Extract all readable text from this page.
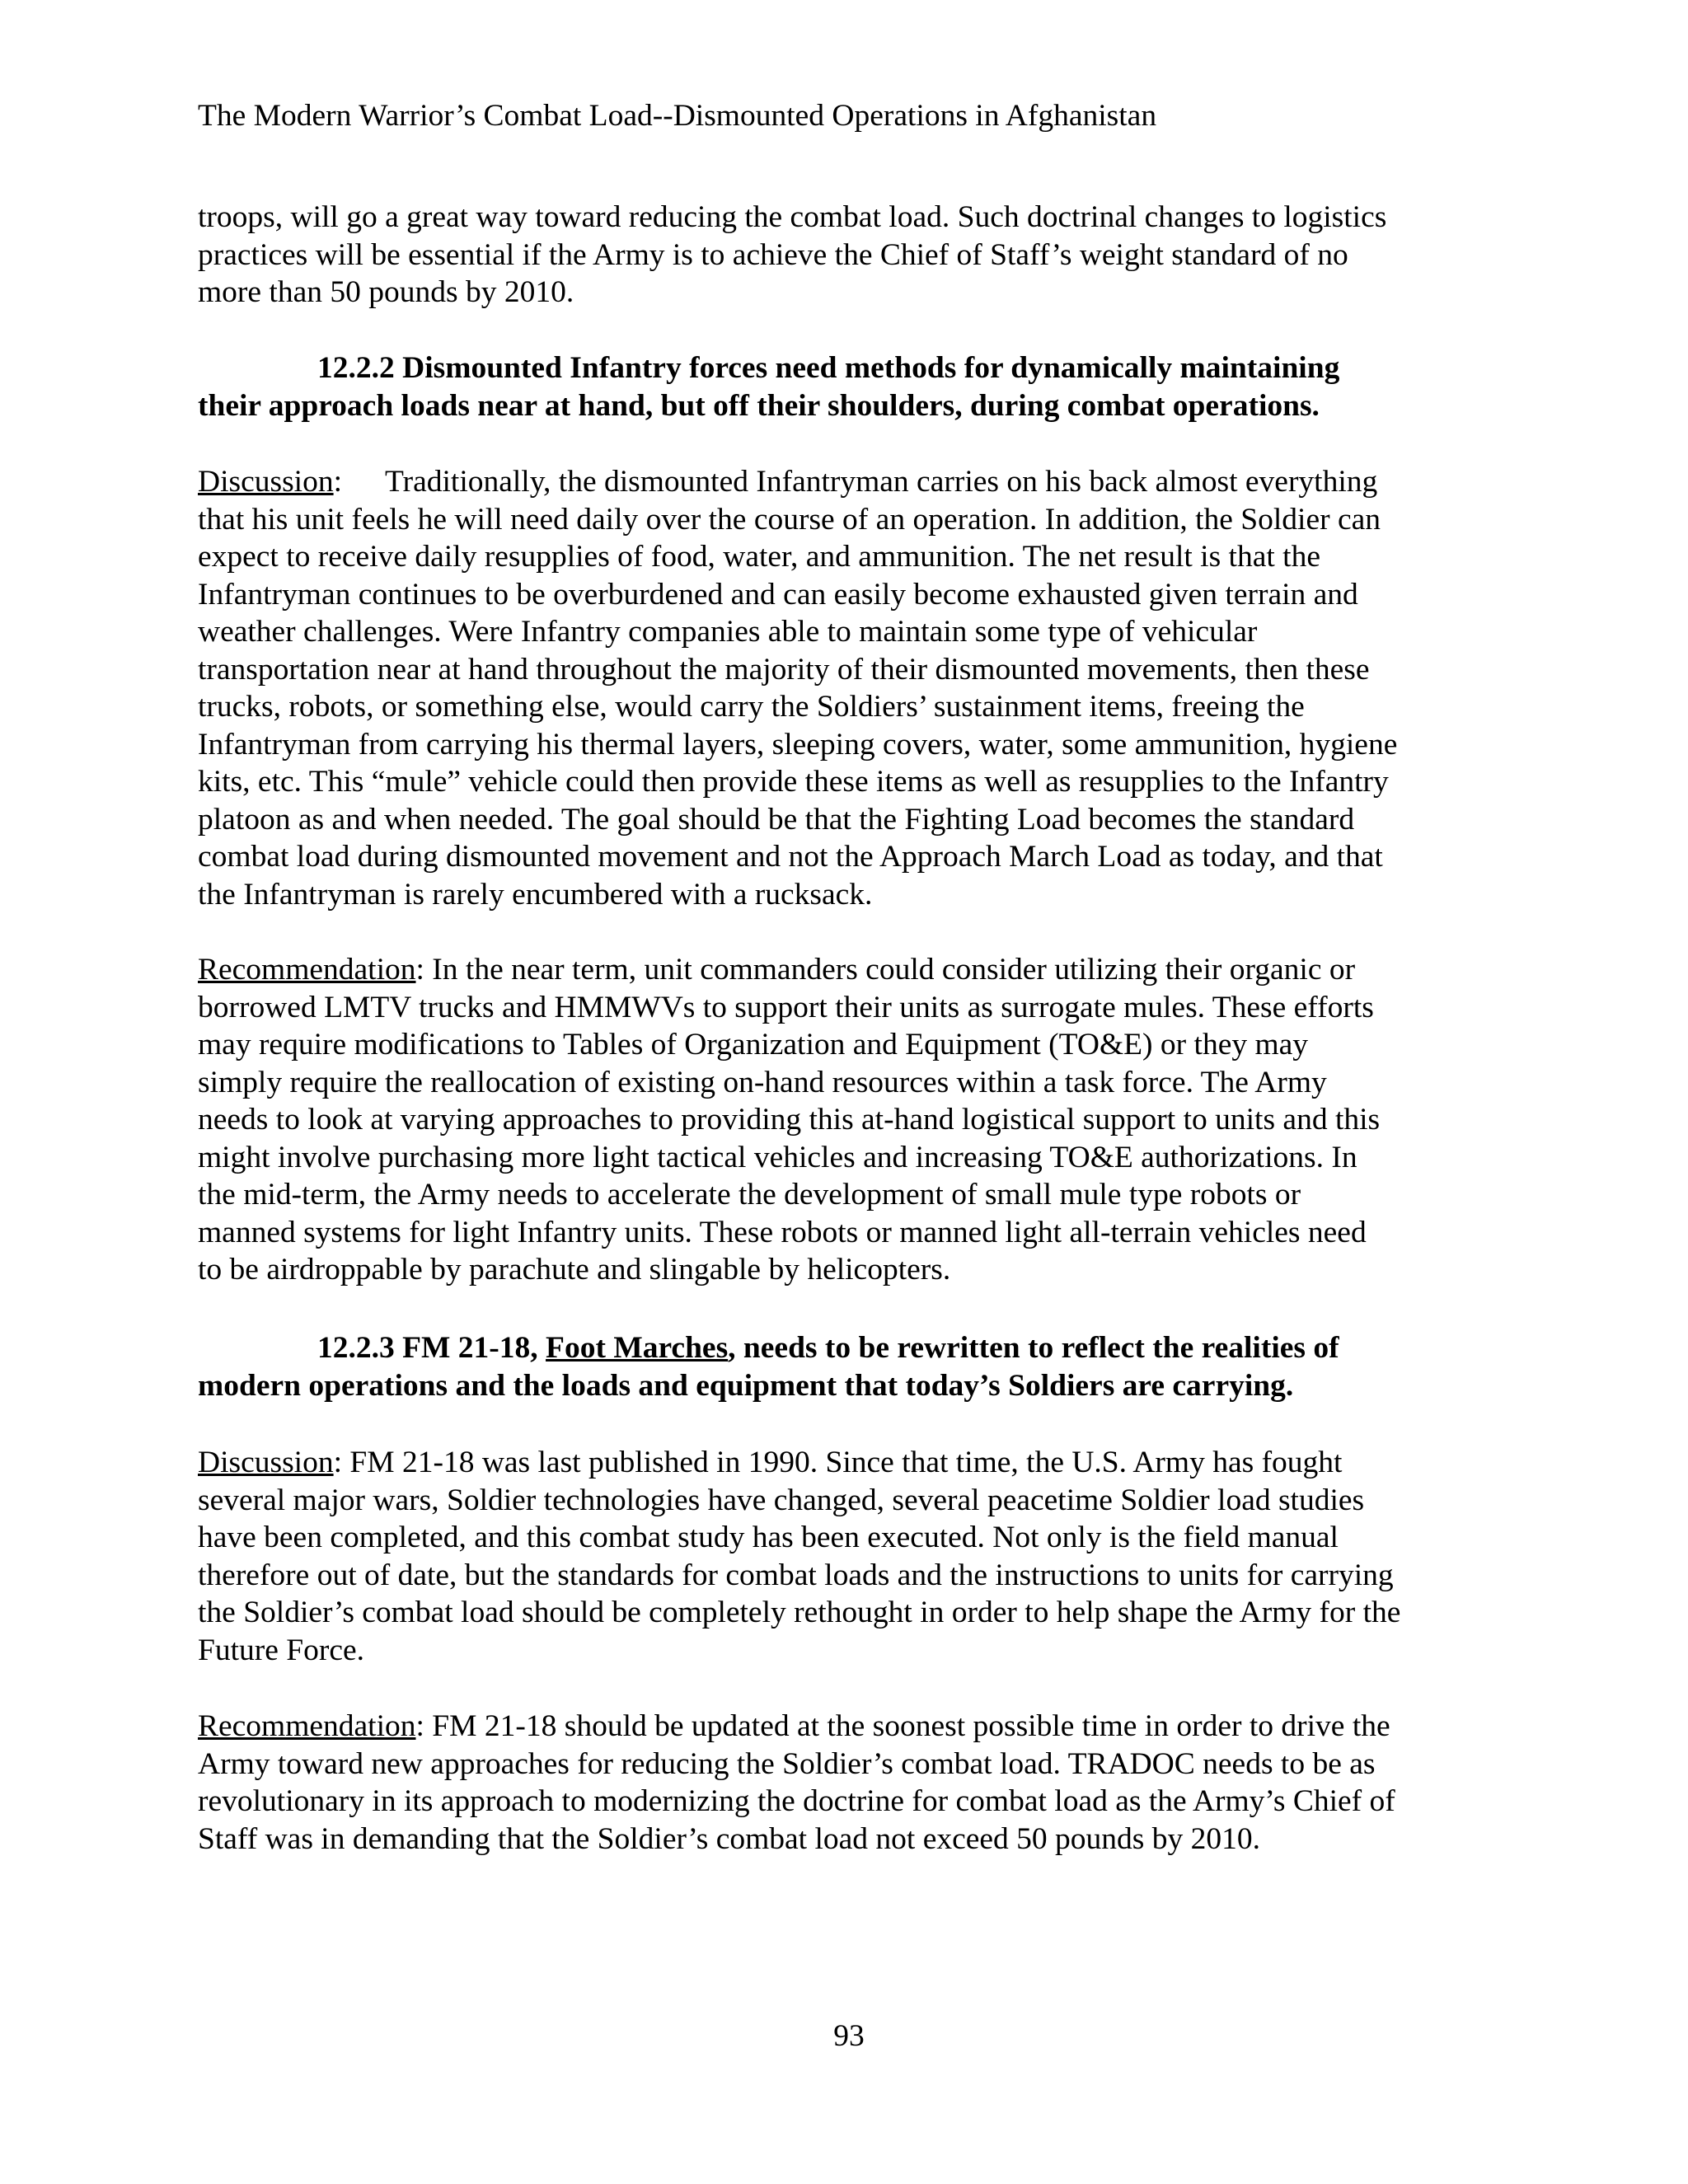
The Modern Warrior’s Combat Load--Dismounted Operations in Afghanistan
troops, will go a great way toward reducing the combat load. Such doctrinal changes to logistics
practices will be essential if the Army is to achieve the Chief of Staff’s weight standard of no
more than 50 pounds by 2010.
12.2.2 Dismounted Infantry forces need methods for dynamically maintaining
their approach loads near at hand, but off their shoulders, during combat operations.
Discussion: Traditionally, the dismounted Infantryman carries on his back almost everything
that his unit feels he will need daily over the course of an operation. In addition, the Soldier can
expect to receive daily resupplies of food, water, and ammunition. The net result is that the
Infantryman continues to be overburdened and can easily become exhausted given terrain and
weather challenges. Were Infantry companies able to maintain some type of vehicular
transportation near at hand throughout the majority of their dismounted movements, then these
trucks, robots, or something else, would carry the Soldiers’ sustainment items, freeing the
Infantryman from carrying his thermal layers, sleeping covers, water, some ammunition, hygiene
kits, etc. This “mule” vehicle could then provide these items as well as resupplies to the Infantry
platoon as and when needed. The goal should be that the Fighting Load becomes the standard
combat load during dismounted movement and not the Approach March Load as today, and that
the Infantryman is rarely encumbered with a rucksack.
Recommendation: In the near term, unit commanders could consider utilizing their organic or
borrowed LMTV trucks and HMMWVs to support their units as surrogate mules. These efforts
may require modifications to Tables of Organization and Equipment (TO&E) or they may
simply require the reallocation of existing on-hand resources within a task force. The Army
needs to look at varying approaches to providing this at-hand logistical support to units and this
might involve purchasing more light tactical vehicles and increasing TO&E authorizations. In
the mid-term, the Army needs to accelerate the development of small mule type robots or
manned systems for light Infantry units. These robots or manned light all-terrain vehicles need
to be airdroppable by parachute and slingable by helicopters.
12.2.3 FM 21-18, Foot Marches, needs to be rewritten to reflect the realities of
modern operations and the loads and equipment that today’s Soldiers are carrying.
Discussion: FM 21-18 was last published in 1990. Since that time, the U.S. Army has fought
several major wars, Soldier technologies have changed, several peacetime Soldier load studies
have been completed, and this combat study has been executed. Not only is the field manual
therefore out of date, but the standards for combat loads and the instructions to units for carrying
the Soldier’s combat load should be completely rethought in order to help shape the Army for the
Future Force.
Recommendation: FM 21-18 should be updated at the soonest possible time in order to drive the
Army toward new approaches for reducing the Soldier’s combat load. TRADOC needs to be as
revolutionary in its approach to modernizing the doctrine for combat load as the Army’s Chief of
Staff was in demanding that the Soldier’s combat load not exceed 50 pounds by 2010.
93
